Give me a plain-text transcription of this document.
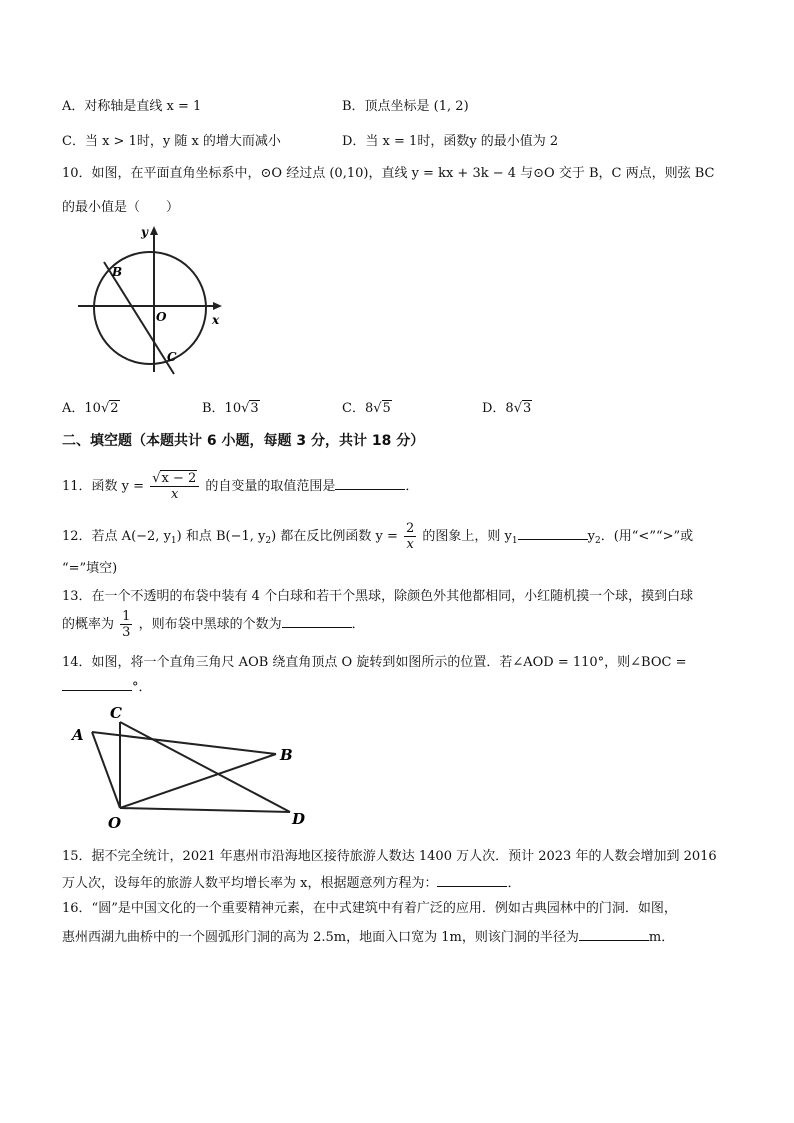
A．对称轴是直线 x = 1	B．顶点坐标是 (1, 2)
C．当 x > 1时，y 随 x 的增大而减小	D．当 x = 1时，函数y 的最小值为 2
10．如图，在平面直角坐标系中，⊙O 经过点 (0,10)，直线 y = kx + 3k − 4 与⊙O 交于 B，C 两点，则弦 BC
的最小值是（　　）
y
x
O
B
C
A．10√2	B．10√3	C．8√5	D．8√3
二、填空题（本题共计 6 小题，每题 3 分，共计 18 分）
11．函数 $y = \frac{√x - 2}{x}$ 的自变量的取值范围是	．
12．若点 A(−2, $y_1$) 和点 B(−1, $y_2$) 都在反比例函数 $y = \frac{2}{x}$ 的图象上，则 $y_1$	$y_2$．(用“<”“>”或
“=”填空)
13．在一个不透明的布袋中装有 4 个白球和若干个黑球，除颜色外其他都相同，小红随机摸一个球，摸到白球
的概率为 $\frac{1}{3}$ ，则布袋中黑球的个数为	．
14．如图，将一个直角三角尺 AOB 绕直角顶点 O 旋转到如图所示的位置．若∠AOD = 110°，则∠BOC =
°．
A
C
B
O	D
15．据不完全统计，2021 年惠州市沿海地区接待旅游人数达 1400 万人次．预计 2023 年的人数会增加到 2016
万人次，设每年的旅游人数平均增长率为 x，根据题意列方程为：	．
16．“圆”是中国文化的一个重要精神元素，在中式建筑中有着广泛的应用．例如古典园林中的门洞．如图，
惠州西湖九曲桥中的一个圆弧形门洞的高为 2.5m，地面入口宽为 1m，则该门洞的半径为	m．
